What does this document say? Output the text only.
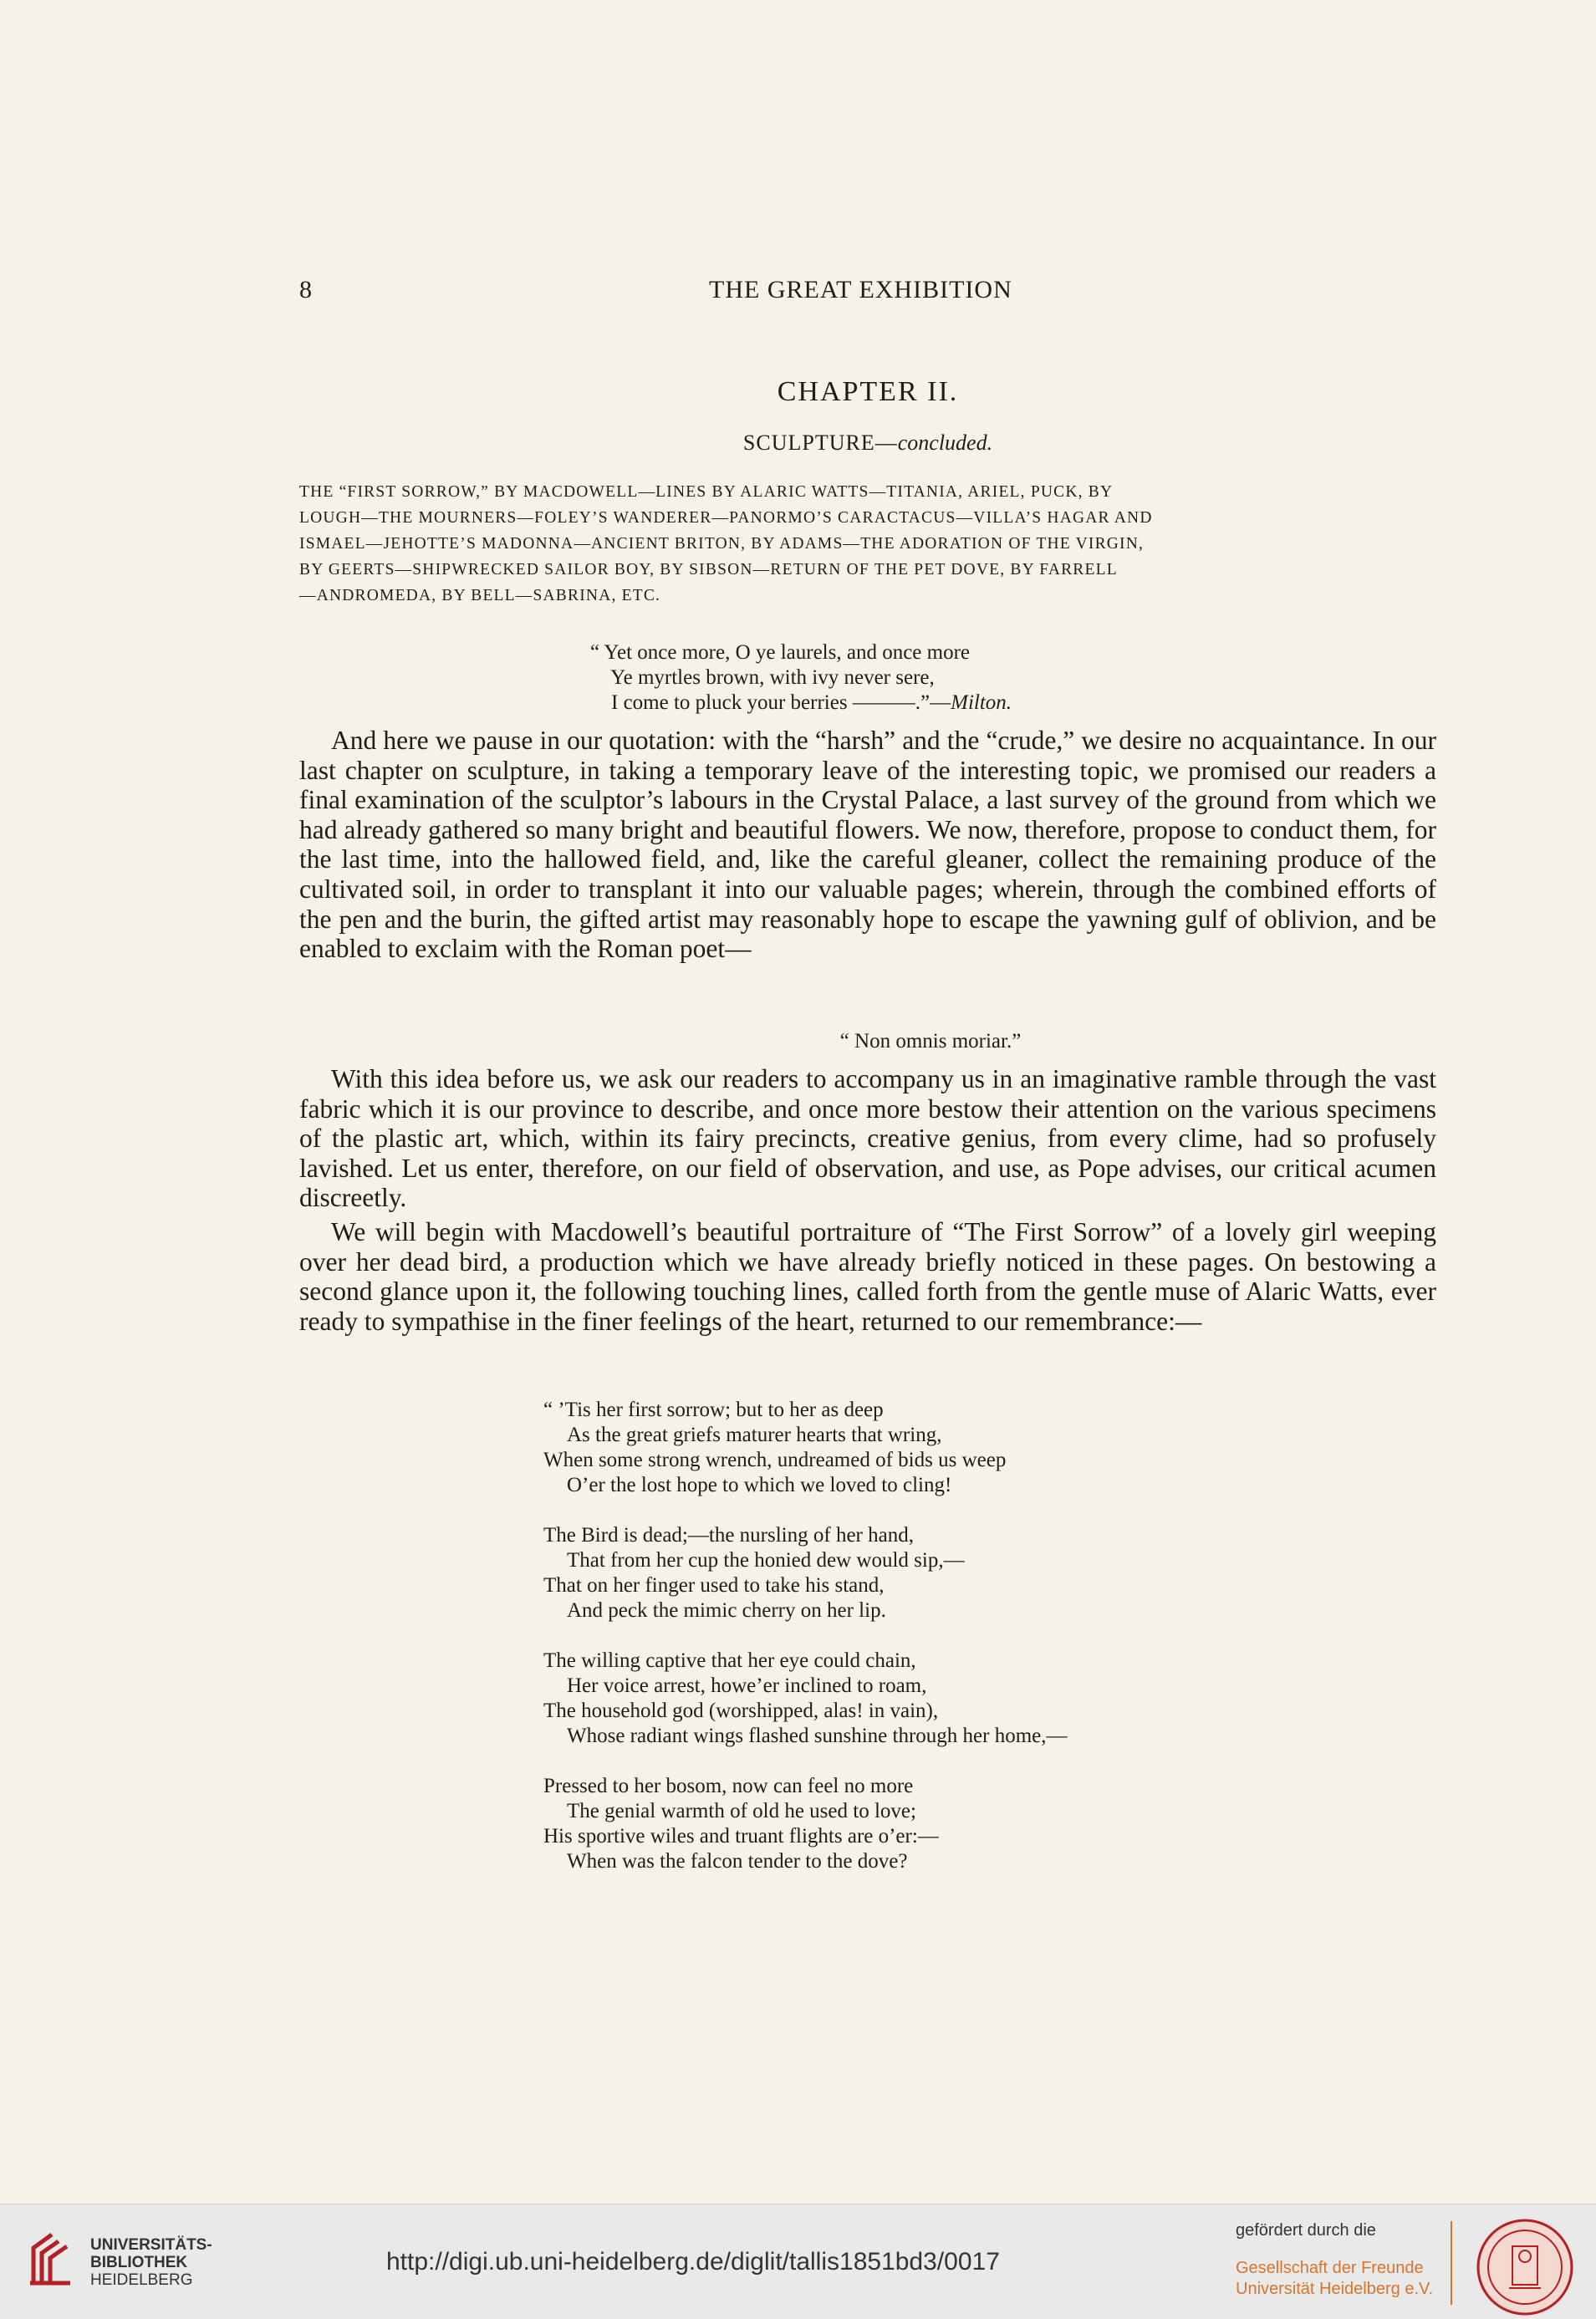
8	THE GREAT EXHIBITION
CHAPTER II.
SCULPTURE—concluded.
THE “FIRST SORROW,” BY MACDOWELL—LINES BY ALARIC WATTS—TITANIA, ARIEL, PUCK, BY
LOUGH—THE MOURNERS—FOLEY’S WANDERER—PANORMO’S CARACTACUS—VILLA’S HAGAR AND
ISMAEL—JEHOTTE’S MADONNA—ANCIENT BRITON, BY ADAMS—THE ADORATION OF THE VIRGIN,
BY GEERTS—SHIPWRECKED SAILOR BOY, BY SIBSON—RETURN OF THE PET DOVE, BY FARRELL
—ANDROMEDA, BY BELL—SABRINA, ETC.
“ Yet once more, O ye laurels, and once more
Ye myrtles brown, with ivy never sere,
I come to pluck your berries ———.”—Milton.

And here we pause in our quotation: with the “harsh” and the “crude,” we desire no acquaintance. In our last chapter on sculpture, in taking a temporary leave of the interesting topic, we promised our readers a final examination of the sculptor’s labours in the Crystal Palace, a last survey of the ground from which we had already gathered so many bright and beautiful flowers. We now, therefore, propose to conduct them, for the last time, into the hallowed field, and, like the careful gleaner, collect the remaining produce of the cultivated soil, in order to transplant it into our valuable pages; wherein, through the combined efforts of the pen and the burin, the gifted artist may reasonably hope to escape the yawning gulf of oblivion, and be enabled to exclaim with the Roman poet—

“ Non omnis moriar.”

With this idea before us, we ask our readers to accompany us in an imaginative ramble through the vast fabric which it is our province to describe, and once more bestow their attention on the various specimens of the plastic art, which, within its fairy precincts, creative genius, from every clime, had so profusely lavished. Let us enter, therefore, on our field of observation, and use, as Pope advises, our critical acumen discreetly.

We will begin with Macdowell’s beautiful portraiture of “The First Sorrow” of a lovely girl weeping over her dead bird, a production which we have already briefly noticed in these pages. On bestowing a second glance upon it, the following touching lines, called forth from the gentle muse of Alaric Watts, ever ready to sympathise in the finer feelings of the heart, returned to our remembrance:—

“ ’Tis her first sorrow; but to her as deep
As the great griefs maturer hearts that wring,
When some strong wrench, undreamed of bids us weep
O’er the lost hope to which we loved to cling!
The Bird is dead;—the nursling of her hand,
That from her cup the honied dew would sip,—
That on her finger used to take his stand,
And peck the mimic cherry on her lip.
The willing captive that her eye could chain,
Her voice arrest, howe’er inclined to roam,
The household god (worshipped, alas! in vain),
Whose radiant wings flashed sunshine through her home,—
Pressed to her bosom, now can feel no more
The genial warmth of old he used to love;
His sportive wiles and truant flights are o’er:—
When was the falcon tender to the dove?
UNIVERSITÄTS-
BIBLIOTHEK
HEIDELBERG
http://digi.ub.uni-heidelberg.de/diglit/tallis1851bd3/0017
gefördert durch die
Gesellschaft der Freunde
Universität Heidelberg e.V.
